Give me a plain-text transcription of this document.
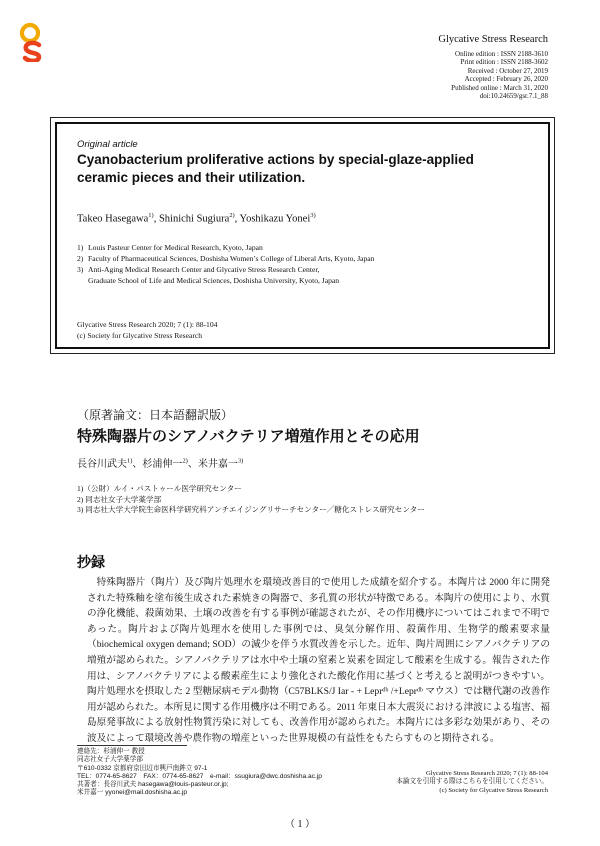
Glycative Stress Research
Online edition : ISSN 2188-3610
Print edition : ISSN 2188-3602
Received : October 27, 2019
Accepted : February 26, 2020
Published online : March 31, 2020
doi:10.24659/gsr.7.1_88
Original article
Cyanobacterium proliferative actions by special-glaze-applied ceramic pieces and their utilization.
Takeo Hasegawa$^{1)}$, Shinichi Sugiura$^{2)}$, Yoshikazu Yonei$^{3)}$
1) Louis Pasteur Center for Medical Research, Kyoto, Japan
2) Faculty of Pharmaceutical Sciences, Doshisha Women’s College of Liberal Arts, Kyoto, Japan
3) Anti-Aging Medical Research Center and Glycative Stress Research Center,
Graduate School of Life and Medical Sciences, Doshisha University, Kyoto, Japan
Glycative Stress Research 2020; 7 (1): 88-104
(c) Society for Glycative Stress Research
（原著論文：日本語翻訳版）
特殊陶器片のシアノバクテリア増殖作用とその応用
長谷川武夫$^{1)}$、杉浦伸一$^{2)}$、米井嘉一$^{3)}$
1)（公財）ルイ・パストゥール医学研究センター
2) 同志社女子大学薬学部
3) 同志社大学大学院生命医科学研究科アンチエイジングリサーチセンター／糖化ストレス研究センター
抄録
特殊陶器片（陶片）及び陶片処理水を環境改善目的で使用した成績を紹介する。本陶片は 2000 年に開発された特殊釉を塗布後生成された素焼きの陶器で、多孔質の形状が特徴である。本陶片の使用により、水質の浄化機能、殺菌効果、土壌の改善を有する事例が確認されたが、その作用機序についてはこれまで不明であった。陶片および陶片処理水を使用した事例では、臭気分解作用、殺菌作用、生物学的酸素要求量（biochemical oxygen demand; SOD）の減少を伴う水質改善を示した。近年、陶片周囲にシアノバクテリアの増殖が認められた。シアノバクテリアは水中や土壌の窒素と炭素を固定して酸素を生成する。報告された作用は、シアノバクテリアによる酸素産生により強化された酸化作用に基づくと考えると説明がつきやすい。陶片処理水を摂取した 2 型糖尿病モデル動物（C57BLKS/J Iar - + Leprᵈᵇ /+Leprᵈᵇ マウス）では糖代謝の改善作用が認められた。本所見に関する作用機序は不明である。2011 年東日本大震災における津波による塩害、福島原発事故による放射性物質汚染に対しても、改善作用が認められた。本陶片には多彩な効果があり、その波及によって環境改善や農作物の増産といった世界規模の有益性をもたらすものと期待される。
連絡先：杉浦伸一 教授
同志社女子大学薬学部
〒610-0332 京都府京田辺市興戸南鉾立 97-1
TEL：0774-65-8627　FAX：0774-65-8627　e-mail：ssugiura@dwc.doshisha.ac.jp
共著者：長谷川武夫 hasegawa@louis-pasteur.or.jp;
米井嘉一 yyonei@mail.doshisha.ac.jp
Glycative Stress Research 2020; 7 (1): 88-104
本論文を引用する際はこちらを引用してください。
(c) Society for Glycative Stress Research
（ 1 ）
